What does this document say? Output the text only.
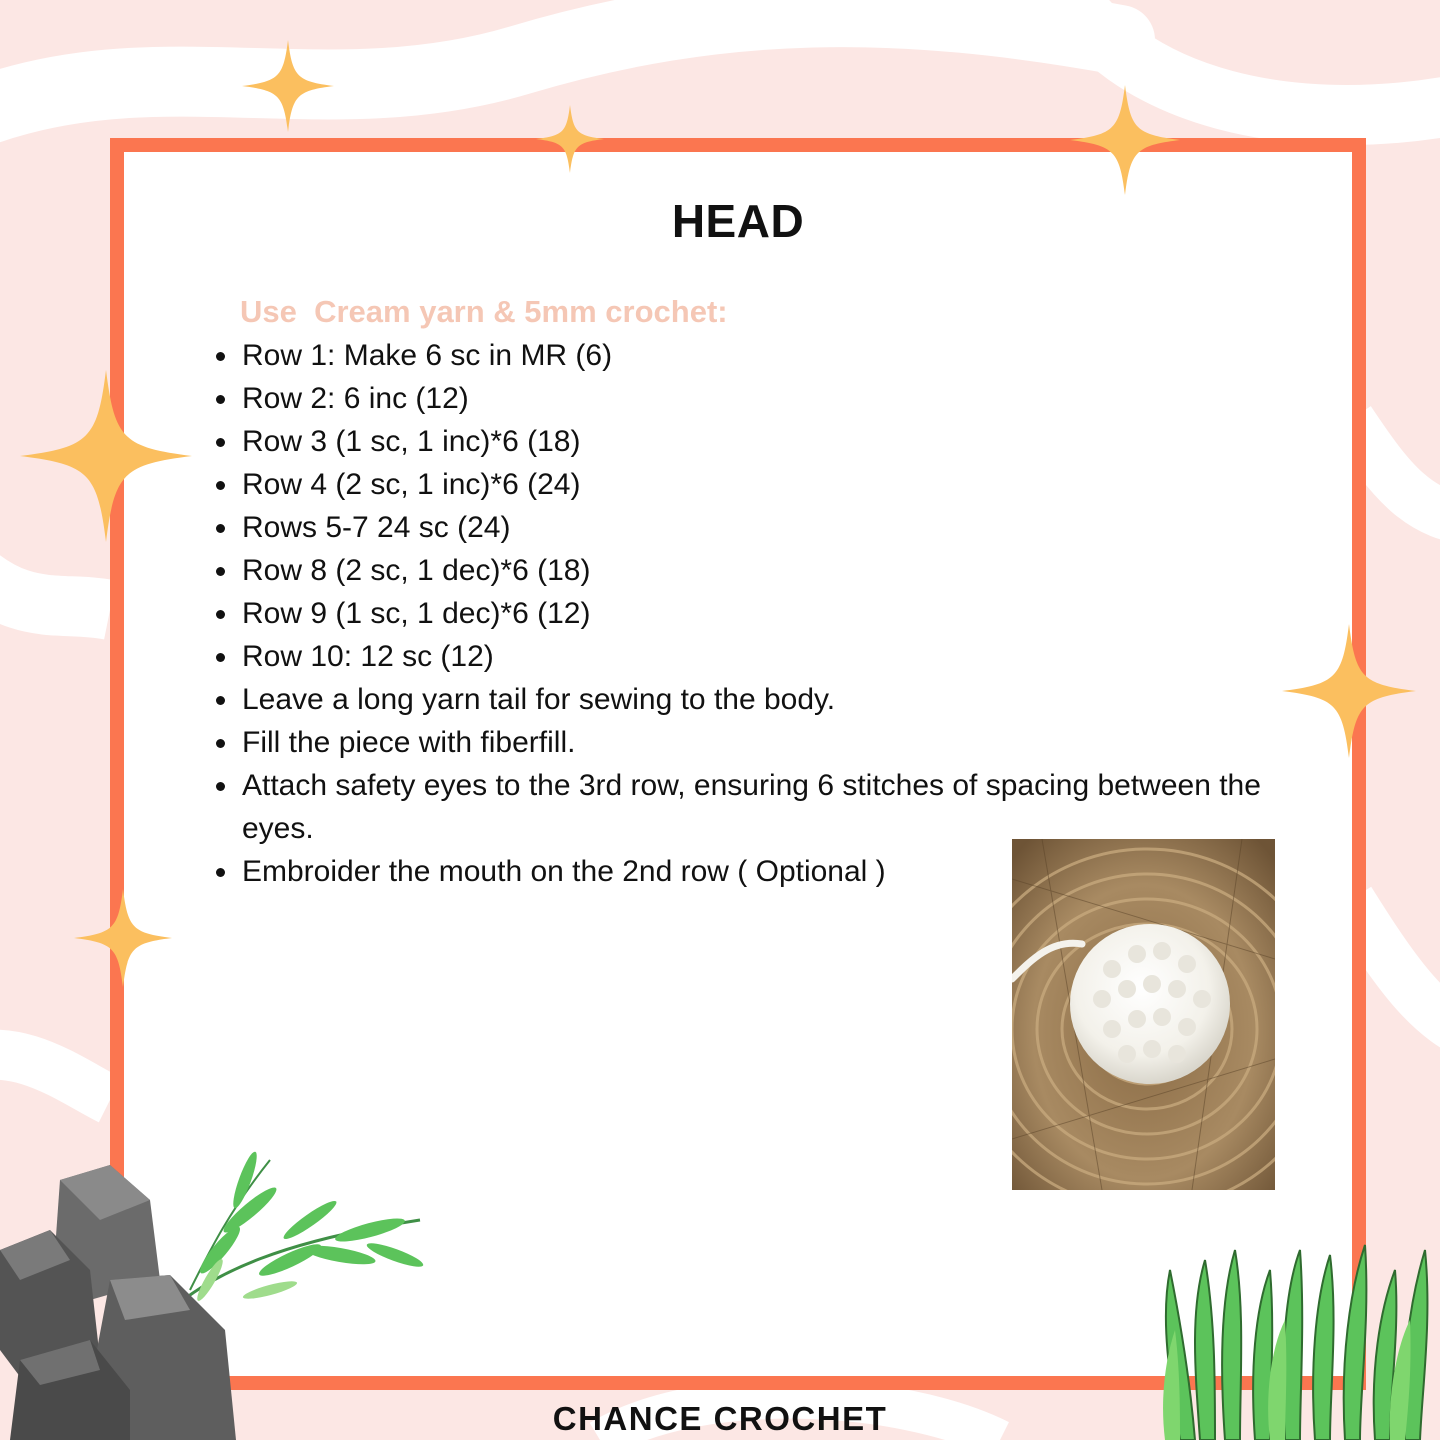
HEAD

Use  Cream yarn & 5mm crochet:

• Row 1: Make 6 sc in MR (6)
• Row 2: 6 inc (12)
• Row 3 (1 sc, 1 inc)*6 (18)
• Row 4 (2 sc, 1 inc)*6 (24)
• Rows 5-7 24 sc (24)
• Row 8 (2 sc, 1 dec)*6 (18)
• Row 9 (1 sc, 1 dec)*6 (12)
• Row 10: 12 sc (12)
• Leave a long yarn tail for sewing to the body.
• Fill the piece with fiberfill.
• Attach safety eyes to the 3rd row, ensuring 6 stitches of spacing between the eyes.
• Embroider the mouth on the 2nd row ( Optional )

CHANCE CROCHET
